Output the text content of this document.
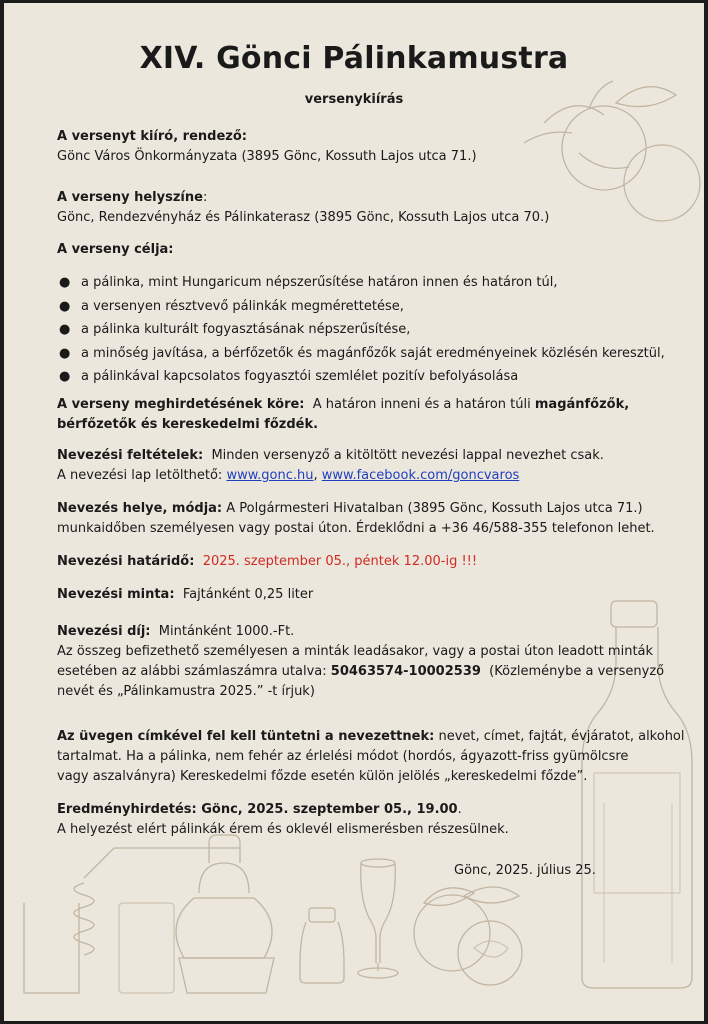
XIV. Gönci Pálinkamustra

versenykiírás

A versenyt kiíró, rendező:
Gönc Város Önkormányzata (3895 Gönc, Kossuth Lajos utca 71.)

A verseny helyszíne:
Gönc, Rendezvényház és Pálinkaterasz (3895 Gönc, Kossuth Lajos utca 70.)

A verseny célja:

● a pálinka, mint Hungaricum népszerűsítése határon innen és határon túl,
● a versenyen résztvevő pálinkák megmérettetése,
● a pálinka kulturált fogyasztásának népszerűsítése,
● a minőség javítása, a bérfőzetők és magánfőzők saját eredményeinek közlésén keresztül,
● a pálinkával kapcsolatos fogyasztói szemlélet pozitív befolyásolása

A verseny meghirdetésének köre: A határon inneni és a határon túli magánfőzők,
bérfőzetők és kereskedelmi főzdék.

Nevezési feltételek: Minden versenyző a kitöltött nevezési lappal nevezhet csak.
A nevezési lap letölthető: www.gonc.hu, www.facebook.com/goncvaros

Nevezés helye, módja: A Polgármesteri Hivatalban (3895 Gönc, Kossuth Lajos utca 71.)
munkaidőben személyesen vagy postai úton. Érdeklődni a +36 46/588-355 telefonon lehet.

Nevezési határidő: 2025. szeptember 05., péntek 12.00-ig !!!

Nevezési minta: Fajtánként 0,25 liter

Nevezési díj: Mintánként 1000.-Ft.
Az összeg befizethető személyesen a minták leadásakor, vagy a postai úton leadott minták
esetében az alábbi számlaszámra utalva: 50463574-10002539 (Közleménybe a versenyző
nevét és „Pálinkamustra 2025.” -t írjuk)

Az üvegen címkével fel kell tüntetni a nevezettnek: nevet, címet, fajtát, évjáratot, alkohol
tartalmat. Ha a pálinka, nem fehér az érlelési módot (hordós, ágyazott-friss gyümölcsre
vagy aszalványra) Kereskedelmi főzde esetén külön jelölés „kereskedelmi főzde”.

Eredményhirdetés: Gönc, 2025. szeptember 05., 19.00.
A helyezést elért pálinkák érem és oklevél elismerésben részesülnek.

Gönc, 2025. július 25.
